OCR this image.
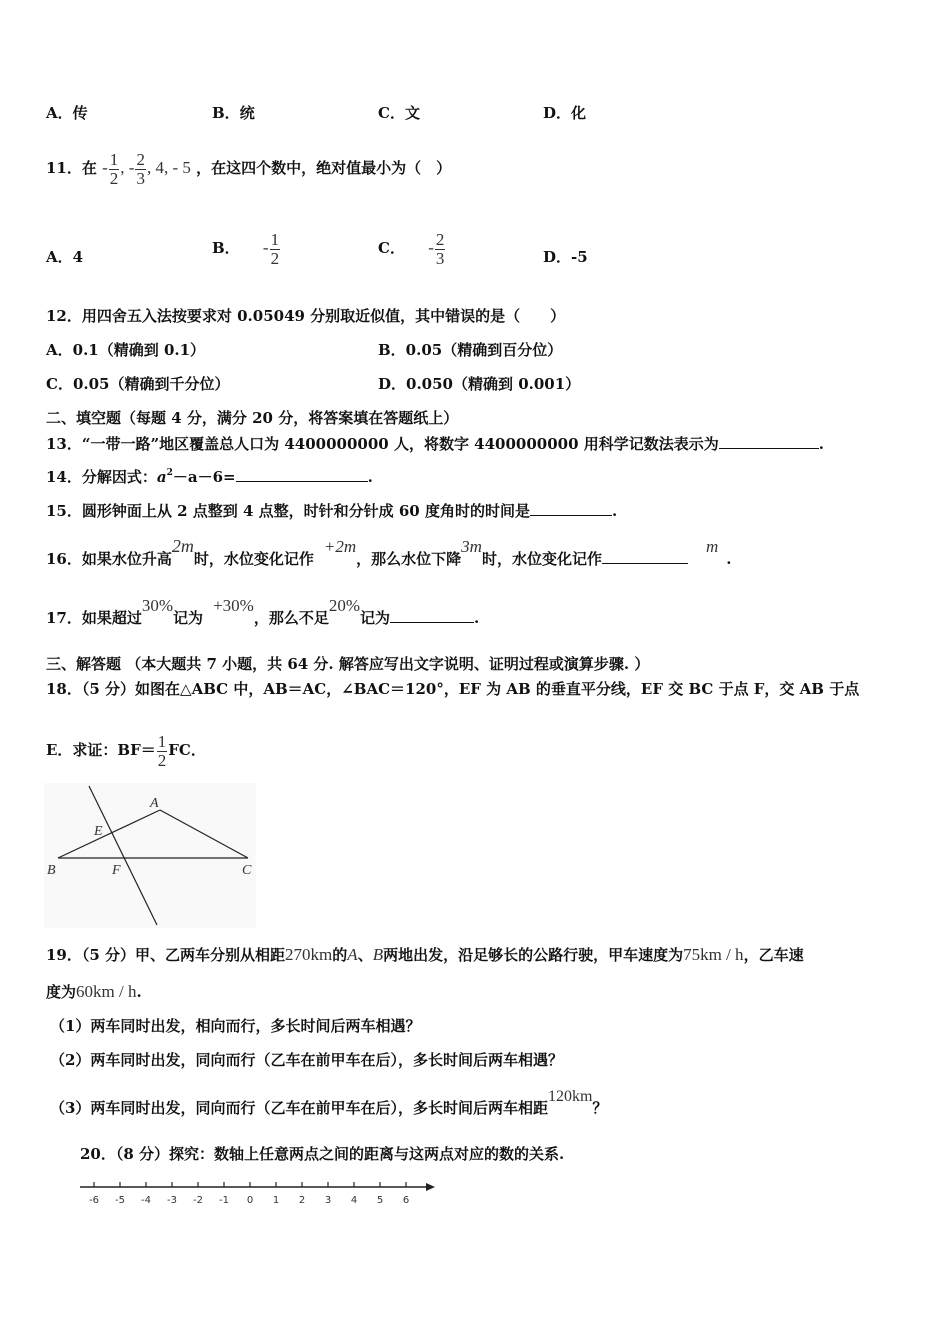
A．传	B．统	C．文	D．化
11．在 - $\frac{1}{2}$ , - $\frac{2}{3}$ , 4, - 5 ，在这四个数中，绝对值最小为（　）
A．4	B． - $\frac{1}{2}$	C． - $\frac{2}{3}$	D．-5
12．用四舍五入法按要求对 0.05049 分别取近似值，其中错误的是（　　）
A．0.1（精确到 0.1）	B．0.05（精确到百分位）
C．0.05（精确到千分位）	D．0.050（精确到 0.001）
二、填空题（每题 4 分，满分 20 分，将答案填在答题纸上）
13．“一带一路”地区覆盖总人口为 4400000000 人，将数字 4400000000 用科学记数法表示为	.
14．分解因式：$a^2-a-6=$	.
15．圆形钟面上从 2 点整到 4 点整，时针和分针成 60 度角时的时间是	.
16．如果水位升高2m时，水位变化记作+2m，那么水位下降3m时，水位变化记作m.
17．如果超过30%记为+30%，那么不足20%记为	.
三、解答题 （本大题共 7 小题，共 64 分. 解答应写出文字说明、证明过程或演算步骤. ）
18．（5 分）如图在△ABC 中，AB＝AC，∠BAC＝120°，EF 为 AB 的垂直平分线，EF 交 BC 于点 F，交 AB 于点
E．求证：$BF= \frac{1}{2}$ FC．
A
E
B	F	C
19．（5 分）甲、乙两车分别从相距270km的A、B两地出发，沿足够长的公路行驶，甲车速度为75km / h，乙车速
度为60km / h.
（1）两车同时出发，相向而行，多长时间后两车相遇？
（2）两车同时出发，同向而行（乙车在前甲车在后），多长时间后两车相遇？
（3）两车同时出发，同向而行（乙车在前甲车在后），多长时间后两车相距120km？
20．（8 分）探究：数轴上任意两点之间的距离与这两点对应的数的关系.
-6 -5 -4 -3 -2 -1 0 1 2 3 4 5 6
